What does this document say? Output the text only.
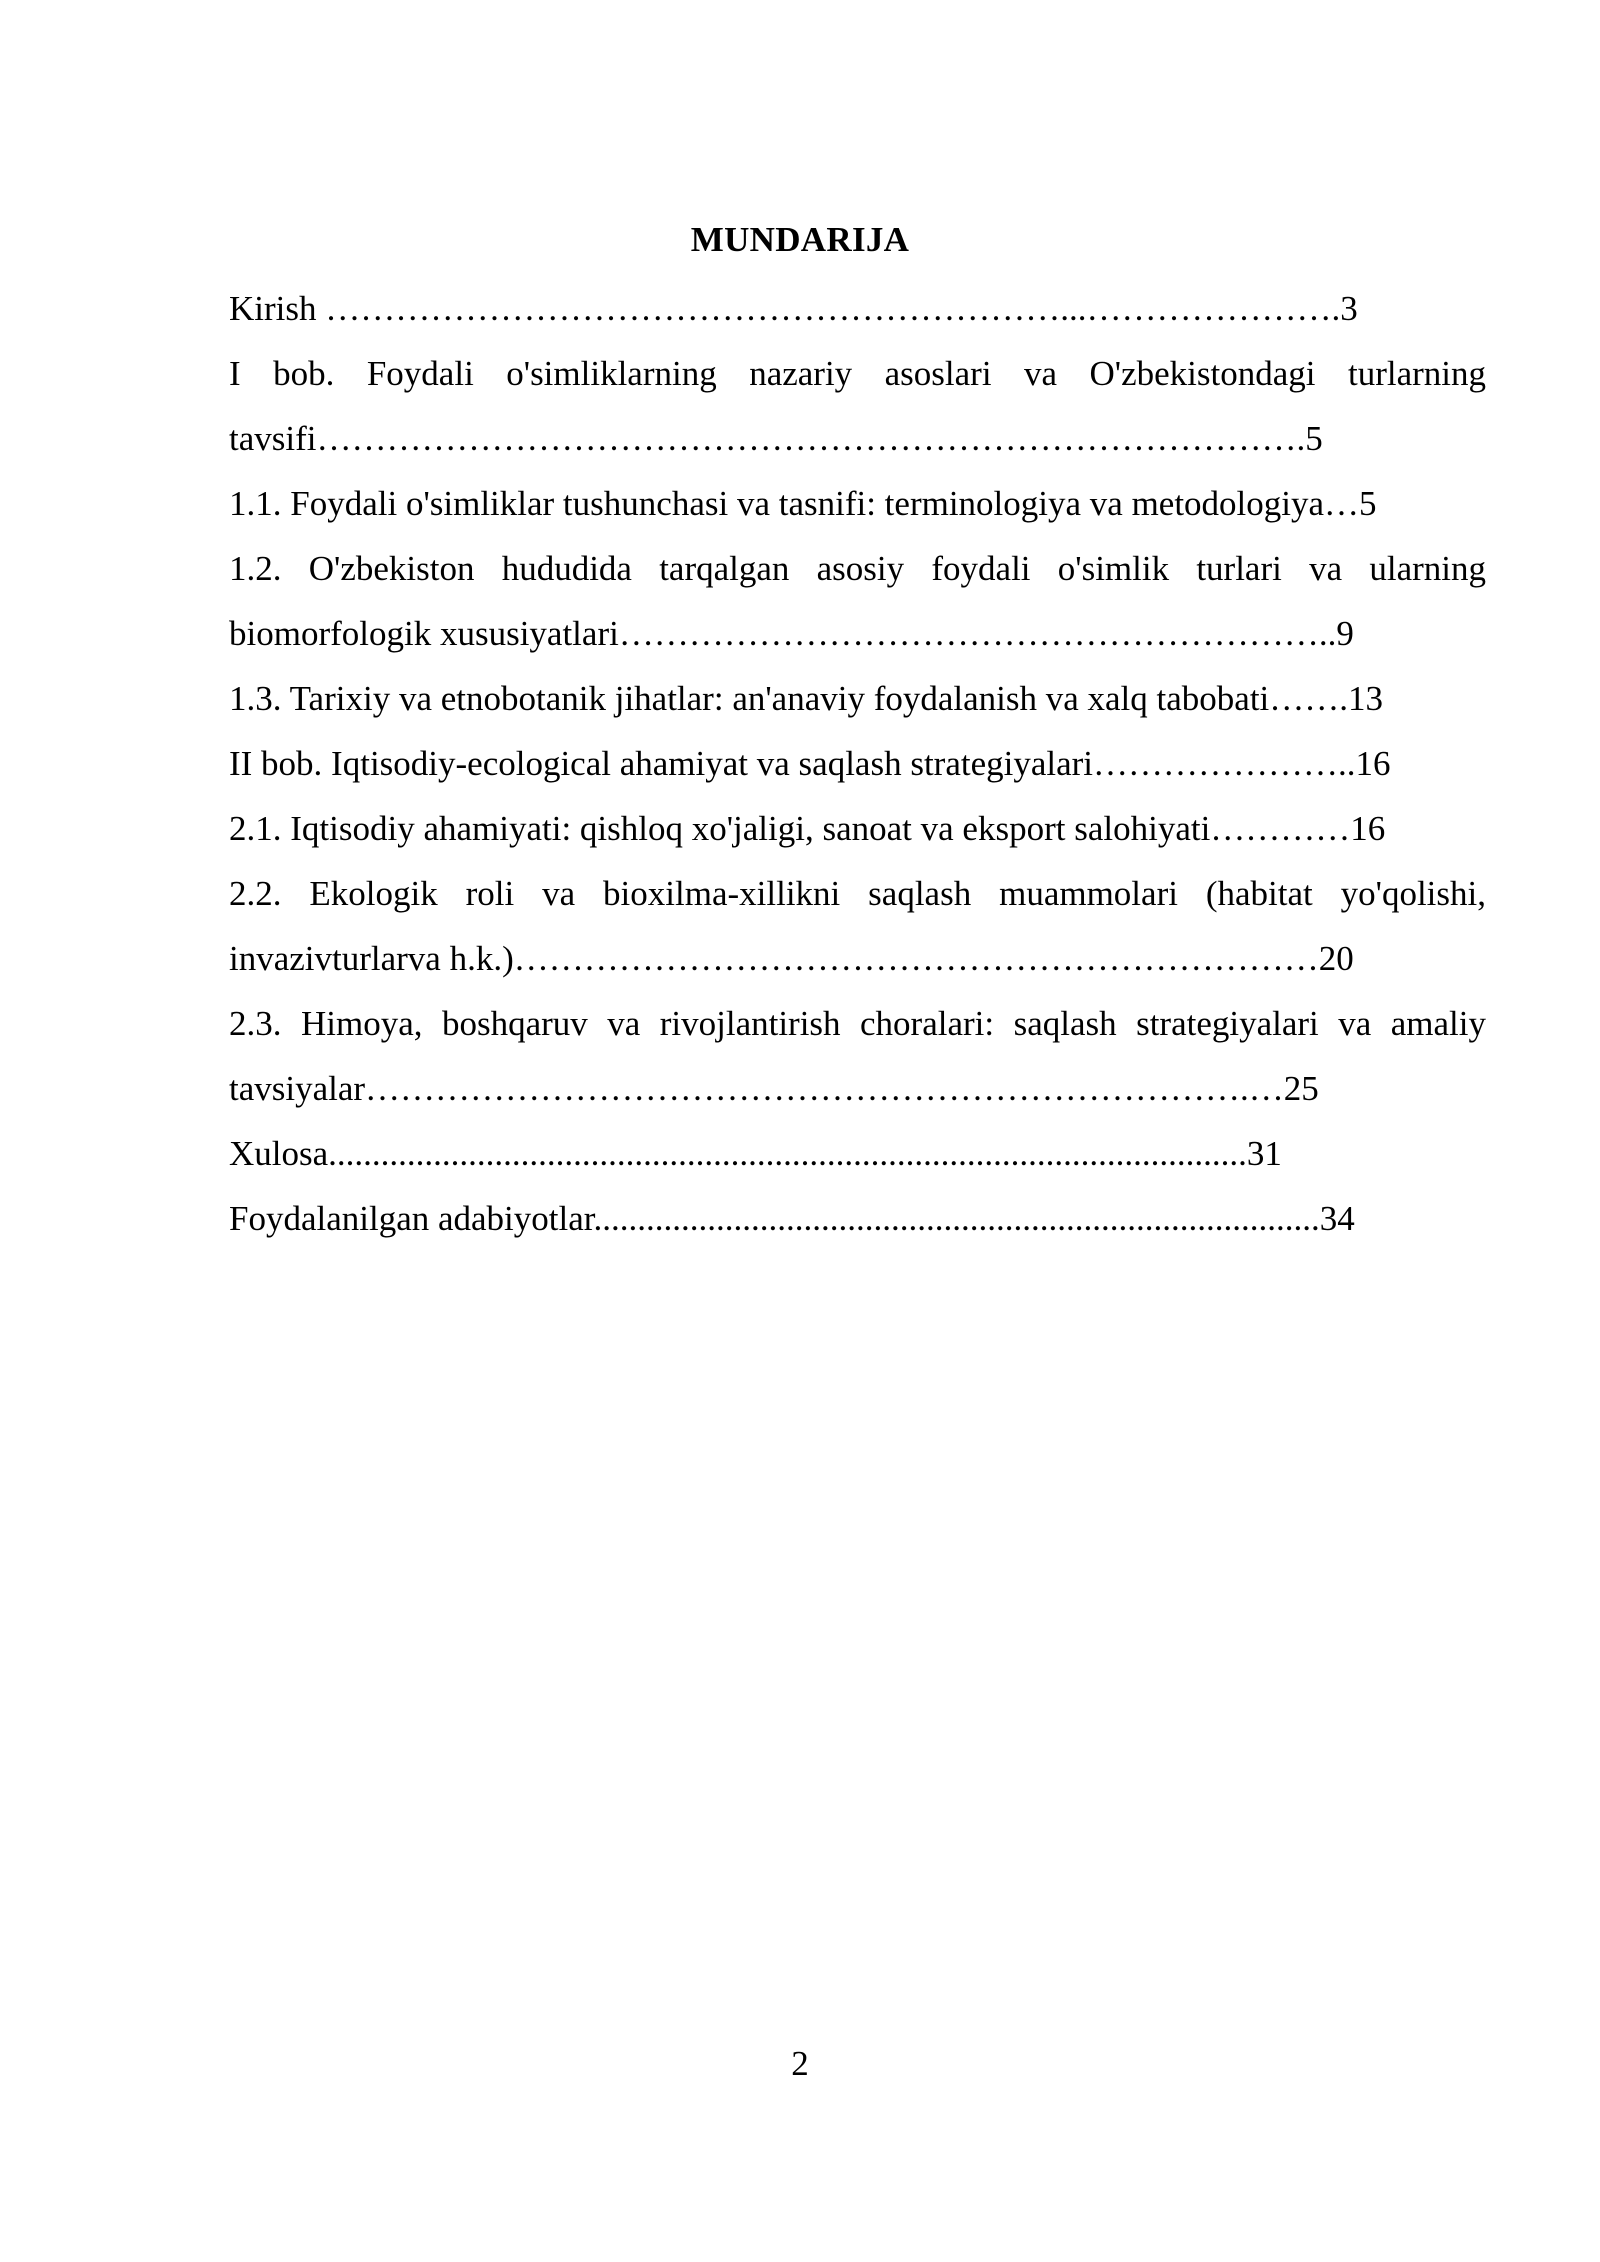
MUNDARIJA
Kirish ………………………………………………………...………………….3
I bob. Foydali o'simliklarning nazariy asoslari va O'zbekistondagi turlarning
tavsifi………………………………………………………………………….5
1.1. Foydali o'simliklar tushunchasi va tasnifi: terminologiya va metodologiya…5
1.2. O'zbekiston hududida tarqalgan asosiy foydali o'simlik turlari va ularning
biomorfologik xususiyatlari……………………………………………………..9
1.3. Tarixiy va etnobotanik jihatlar: an'anaviy foydalanish va xalq tabobati…….13
II bob. Iqtisodiy-ecological ahamiyat va saqlash strategiyalari…………………..16
2.1. Iqtisodiy ahamiyati: qishloq xo'jaligi, sanoat va eksport salohiyati…………16
2.2. Ekologik roli va bioxilma-xillikni saqlash muammolari (habitat yo'qolishi,
invazivturlarva h.k.)……………………………………………………………20
2.3. Himoya, boshqaruv va rivojlantirish choralari: saqlash strategiyalari va amaliy
tavsiyalar………………………………………………………………….…25
Xulosa.........................................................................................................31
Foydalanilgan adabiyotlar...................................................................................34
2
